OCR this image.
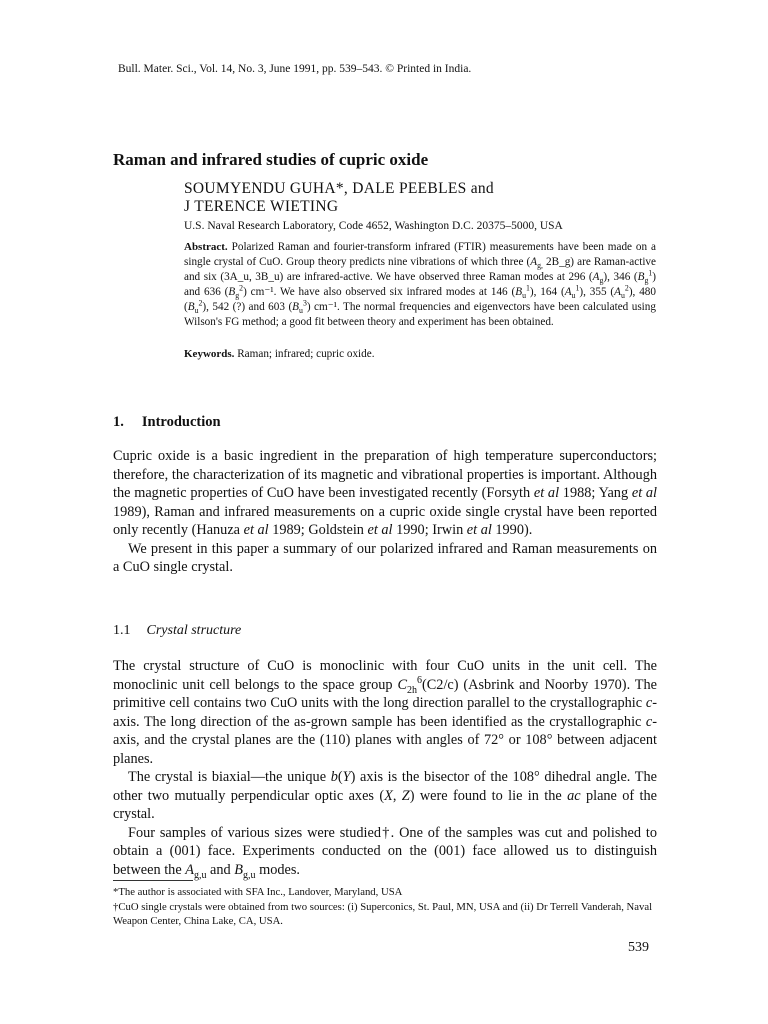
Bull. Mater. Sci., Vol. 14, No. 3, June 1991, pp. 539–543. © Printed in India.
Raman and infrared studies of cupric oxide
SOUMYENDU GUHA*, DALE PEEBLES and
J TERENCE WIETING
U.S. Naval Research Laboratory, Code 4652, Washington D.C. 20375–5000, USA
Abstract. Polarized Raman and fourier-transform infrared (FTIR) measurements have been made on a single crystal of CuO. Group theory predicts nine vibrations of which three ($A_{g,}$ 2B_g) are Raman-active and six (3A_u, 3B_u) are infrared-active. We have observed three Raman modes at 296 $(A_g)$, 346 $(B_g^1)$ and 636 $(B_g^2)$ cm⁻¹. We have also observed six infrared modes at 146 $(B_u^1)$, 164 $(A_u^1)$, 355 $(A_u^2)$, 480 $(B_u^2)$, 542 (?) and 603 $(B_u^3)$ cm⁻¹. The normal frequencies and eigenvectors have been calculated using Wilson's FG method; a good fit between theory and experiment has been obtained.
Keywords. Raman; infrared; cupric oxide.
1. Introduction

Cupric oxide is a basic ingredient in the preparation of high temperature superconductors; therefore, the characterization of its magnetic and vibrational properties is important. Although the magnetic properties of CuO have been investigated recently (Forsyth et al 1988; Yang et al 1989), Raman and infrared measurements on a cupric oxide single crystal have been reported only recently (Hanuza et al 1989; Goldstein et al 1990; Irwin et al 1990).

We present in this paper a summary of our polarized infrared and Raman measurements on a CuO single crystal.

1.1 Crystal structure

The crystal structure of CuO is monoclinic with four CuO units in the unit cell. The monoclinic unit cell belongs to the space group $C_{2h}^6(C2/c)$ (Asbrink and Noorby 1970). The primitive cell contains two CuO units with the long direction parallel to the crystallographic c-axis. The long direction of the as-grown sample has been identified as the crystallographic c-axis, and the crystal planes are the (110) planes with angles of 72° or 108° between adjacent planes.

The crystal is biaxial—the unique b(Y) axis is the bisector of the 108° dihedral angle. The other two mutually perpendicular optic axes (X, Z) were found to lie in the ac plane of the crystal.

Four samples of various sizes were studied†. One of the samples was cut and polished to obtain a (001) face. Experiments conducted on the (001) face allowed us to distinguish between the $A_{g,u}$ and $B_{g,u}$ modes.

*The author is associated with SFA Inc., Landover, Maryland, USA

†CuO single crystals were obtained from two sources: (i) Superconics, St. Paul, MN, USA and (ii) Dr Terrell Vanderah, Naval Weapon Center, China Lake, CA, USA.

539
